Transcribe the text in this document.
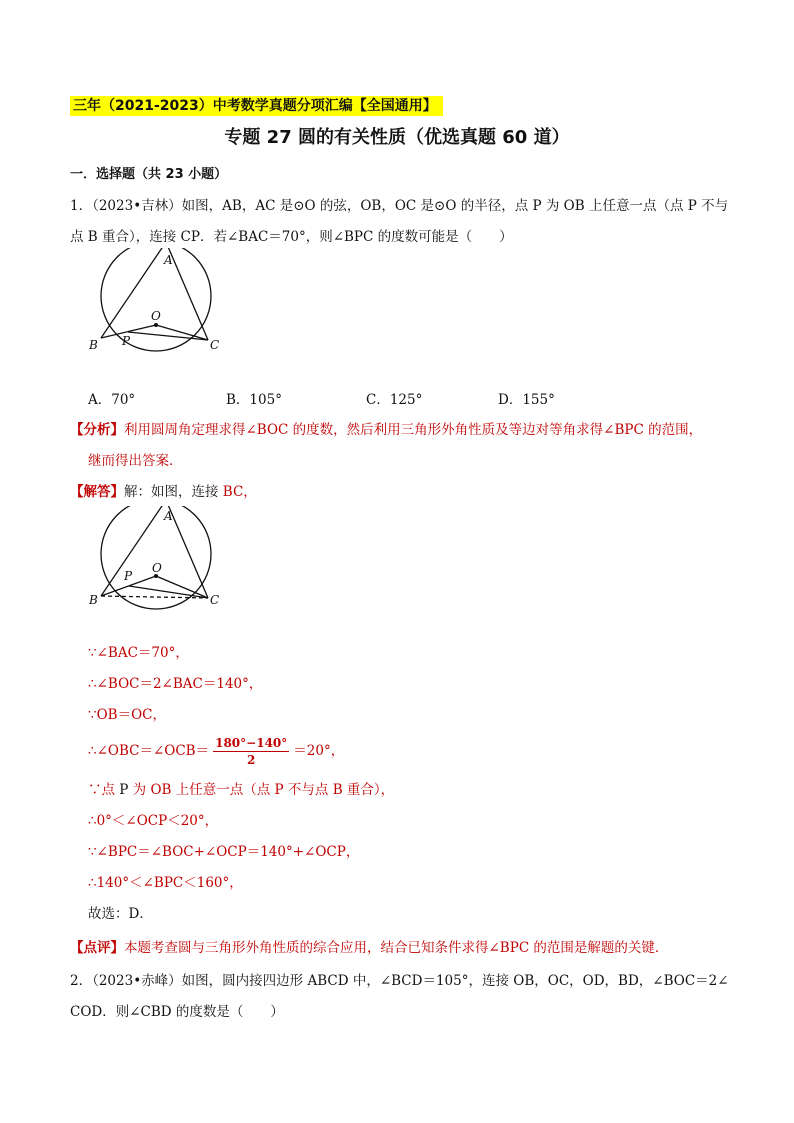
三年（2021-2023）中考数学真题分项汇编【全国通用】
专题 27 圆的有关性质（优选真题 60 道）
一．选择题（共 23 小题）
1．（2023•吉林）如图，AB，AC 是⊙O 的弦，OB，OC 是⊙O 的半径，点 P 为 OB 上任意一点（点 P 不与
点 B 重合），连接 CP．若∠BAC＝70°，则∠BPC 的度数可能是（　　）
A
O
P
B	C
A．70°	B．105°	C．125°	D．155°
【分析】利用圆周角定理求得∠BOC 的度数，然后利用三角形外角性质及等边对等角求得∠BPC 的范围，
继而得出答案．
【解答】解：如图，连接 BC，
A
O
P
B	C
∵∠BAC＝70°，
∴∠BOC＝2∠BAC＝140°，
∵OB＝OC，
∴∠OBC＝∠OCB＝ $\frac{180^\circ-140^\circ}{2} =20^\circ$，
∵点 P 为 OB 上任意一点（点 P 不与点 B 重合），
∴0°＜∠OCP＜20°，
∵∠BPC＝∠BOC+∠OCP＝140°+∠OCP，
∴140°＜∠BPC＜160°，
故选：D．
【点评】本题考查圆与三角形外角性质的综合应用，结合已知条件求得∠BPC 的范围是解题的关键．
2．（2023•赤峰）如图，圆内接四边形 ABCD 中，∠BCD＝105°，连接 OB，OC，OD，BD，∠BOC＝2∠
COD．则∠CBD 的度数是（　　）
